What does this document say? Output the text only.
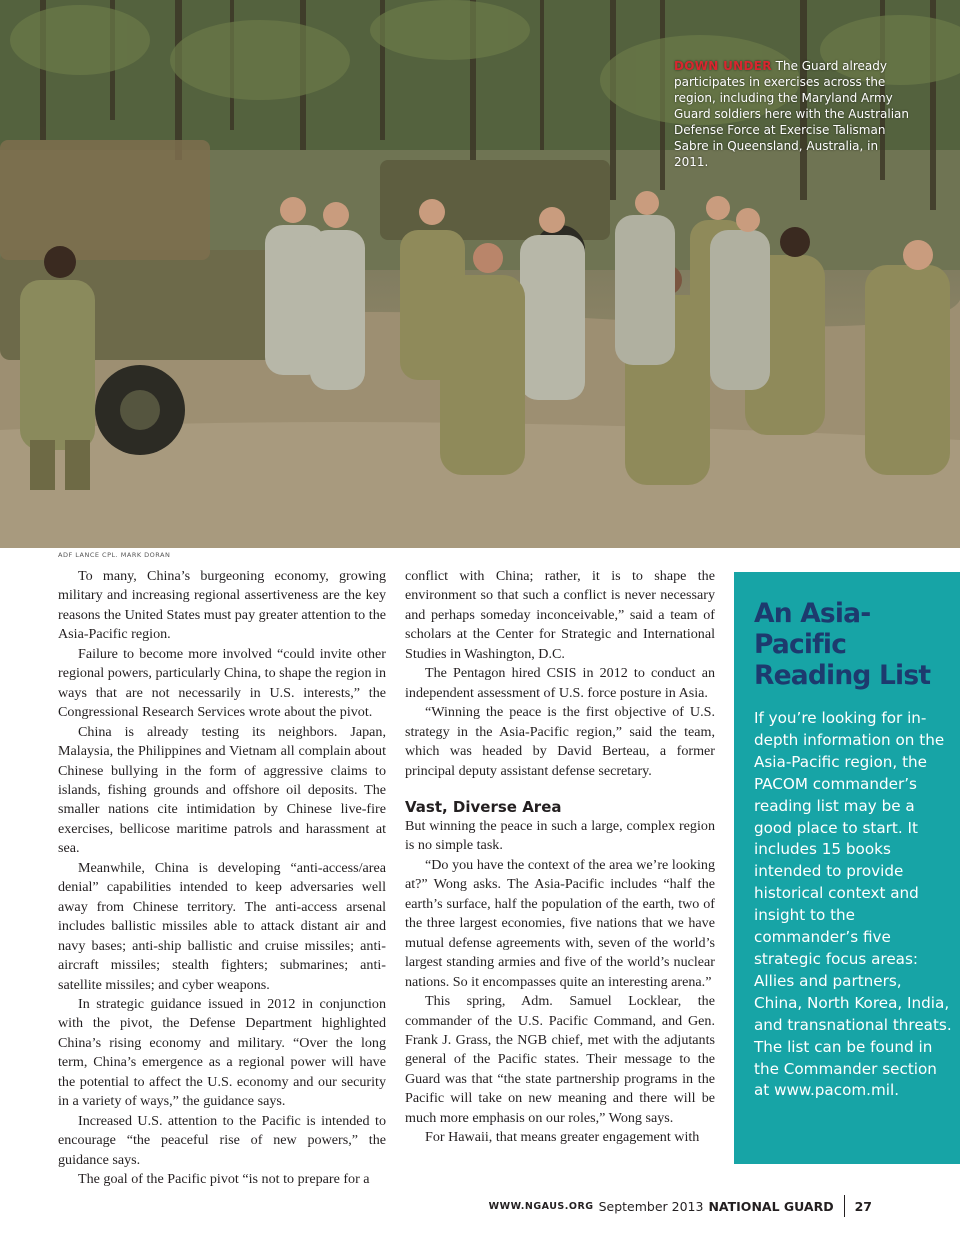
DOWN UNDER The Guard already participates in exercises across the region, including the Maryland Army Guard soldiers here with the Australian Defense Force at Exercise Talisman Sabre in Queensland, Australia, in 2011.
ADF LANCE CPL. MARK DORAN

To many, China’s burgeoning economy, growing military and increasing regional assertiveness are the key reasons the United States must pay greater attention to the Asia-Pacific region.

Failure to become more involved “could invite other regional powers, particularly China, to shape the region in ways that are not necessarily in U.S. interests,” the Congressional Research Services wrote about the pivot.

China is already testing its neighbors. Japan, Malaysia, the Philippines and Vietnam all complain about Chinese bullying in the form of aggressive claims to islands, fishing grounds and offshore oil deposits. The smaller nations cite intimidation by Chinese live-fire exercises, bellicose maritime patrols and harassment at sea.

Meanwhile, China is developing “anti-access/area denial” capabilities intended to keep adversaries well away from Chinese territory. The anti-access arsenal includes ballistic missiles able to attack distant air and navy bases; anti-ship ballistic and cruise missiles; anti-aircraft missiles; stealth fighters; submarines; anti-satellite missiles; and cyber weapons.

In strategic guidance issued in 2012 in conjunction with the pivot, the Defense Department highlighted China’s rising economy and military. “Over the long term, China’s emergence as a regional power will have the potential to affect the U.S. economy and our security in a variety of ways,” the guidance says.

Increased U.S. attention to the Pacific is intended to encourage “the peaceful rise of new powers,” the guidance says.

The goal of the Pacific pivot “is not to prepare for a

conflict with China; rather, it is to shape the environment so that such a conflict is never necessary and perhaps someday inconceivable,” said a team of scholars at the Center for Strategic and International Studies in Washington, D.C.

The Pentagon hired CSIS in 2012 to conduct an independent assessment of U.S. force posture in Asia.

“Winning the peace is the first objective of U.S. strategy in the Asia-Pacific region,” said the team, which was headed by David Berteau, a former principal deputy assistant defense secretary.

Vast, Diverse Area

But winning the peace in such a large, complex region is no simple task.

“Do you have the context of the area we’re looking at?” Wong asks. The Asia-Pacific includes “half the earth’s surface, half the population of the earth, two of the three largest economies, five nations that we have mutual defense agreements with, seven of the world’s largest standing armies and five of the world’s nuclear nations. So it encompasses quite an interesting arena.”

This spring, Adm. Samuel Locklear, the commander of the U.S. Pacific Command, and Gen. Frank J. Grass, the NGB chief, met with the adjutants general of the Pacific states. Their message to the Guard was that “the state partnership programs in the Pacific will take on new meaning and there will be much more emphasis on our roles,” Wong says.

For Hawaii, that means greater engagement with

An Asia-Pacific Reading List
If you’re looking for in-depth information on the Asia-Pacific region, the PACOM commander’s reading list may be a good place to start. It includes 15 books intended to provide historical context and insight to the commander’s five strategic focus areas: Allies and partners, China, North Korea, India, and transnational threats. The list can be found in the Commander section at www.pacom.mil.
WWW.NGAUS.ORG September 2013 NATIONAL GUARD 27
